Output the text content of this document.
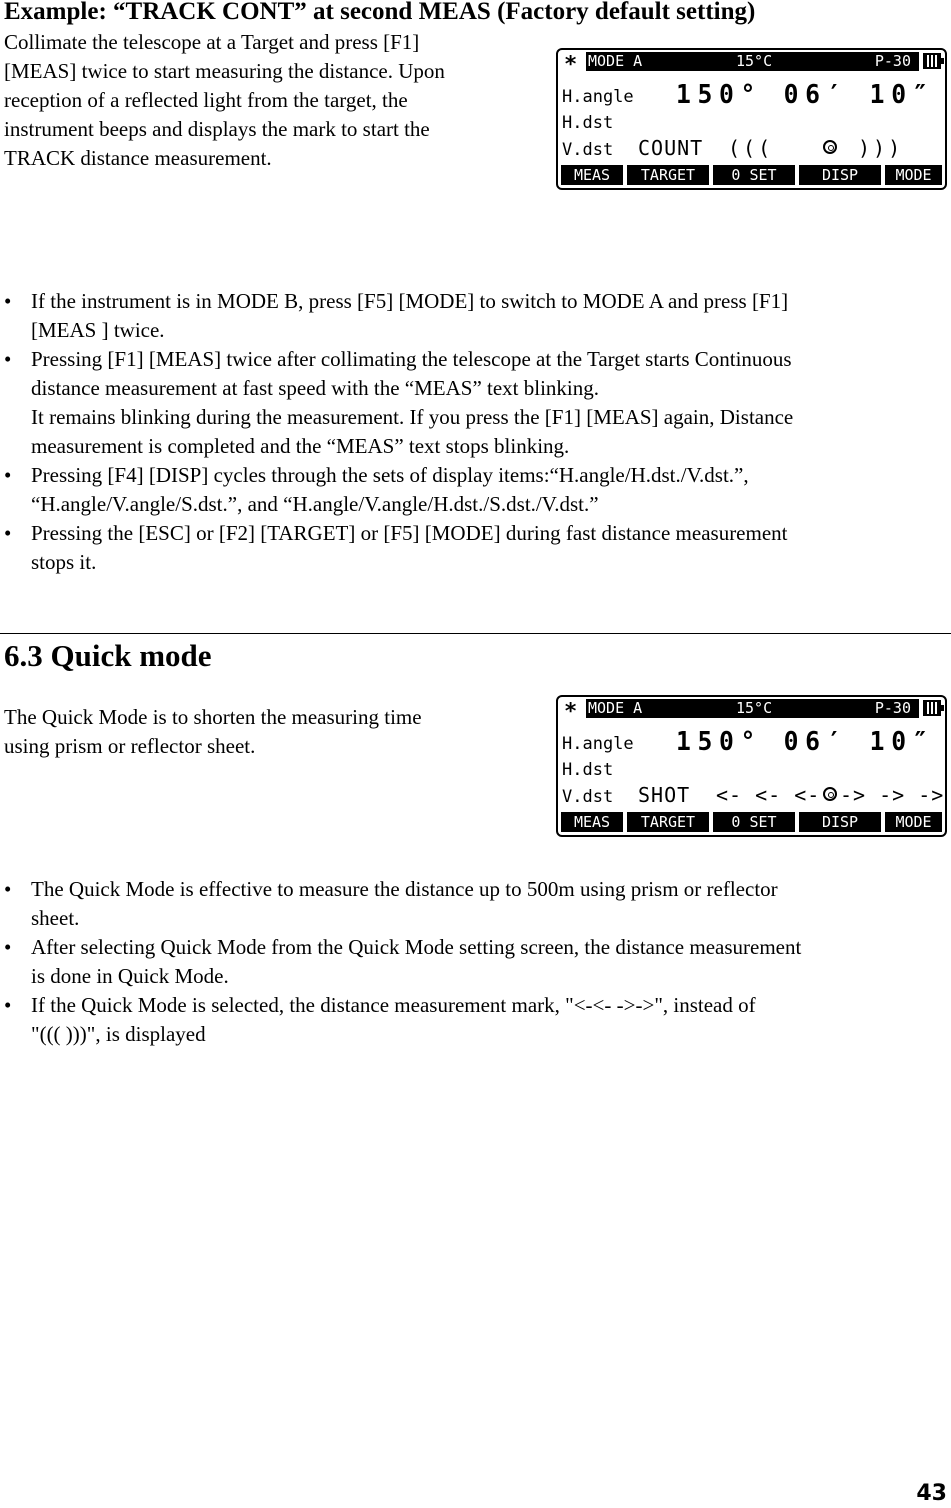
Example: “TRACK CONT” at second MEAS (Factory default setting)

Collimate the telescope at a Target and press [F1]
[MEAS] twice to start measuring the distance. Upon
reception of a reflected light from the target, the
instrument beeps and displays the mark to start the
TRACK distance measurement.

∗ MODE A	15°C	P-30
H.angle
H.dst
V.dst
150° 06′ 10″
COUNT (((	)))
MEAS	TARGET	0 SET	DISP	MODE
• If the instrument is in MODE B, press [F5] [MODE] to switch to MODE A and press [F1]
[MEAS ] twice.
• Pressing [F1] [MEAS] twice after collimating the telescope at the Target starts Continuous
distance measurement at fast speed with the “MEAS” text blinking.
It remains blinking during the measurement. If you press the [F1] [MEAS] again, Distance
measurement is completed and the “MEAS” text stops blinking.
• Pressing [F4] [DISP] cycles through the sets of display items:“H.angle/H.dst./V.dst.”,
“H.angle/V.angle/S.dst.”, and “H.angle/V.angle/H.dst./S.dst./V.dst.”
• Pressing the [ESC] or [F2] [TARGET] or [F5] [MODE] during fast distance measurement
stops it.
6.3 Quick mode

The Quick Mode is to shorten the measuring time
using prism or reflector sheet.

∗ MODE A	15°C	P-30
H.angle
H.dst
V.dst
150° 06′ 10″
SHOT <- <- <- -> -> ->
MEAS	TARGET	0 SET	DISP	MODE
• The Quick Mode is effective to measure the distance up to 500m using prism or reflector
sheet.
• After selecting Quick Mode from the Quick Mode setting screen, the distance measurement
is done in Quick Mode.
• If the Quick Mode is selected, the distance measurement mark, "<-<- ->->", instead of
"((( )))", is displayed
43
